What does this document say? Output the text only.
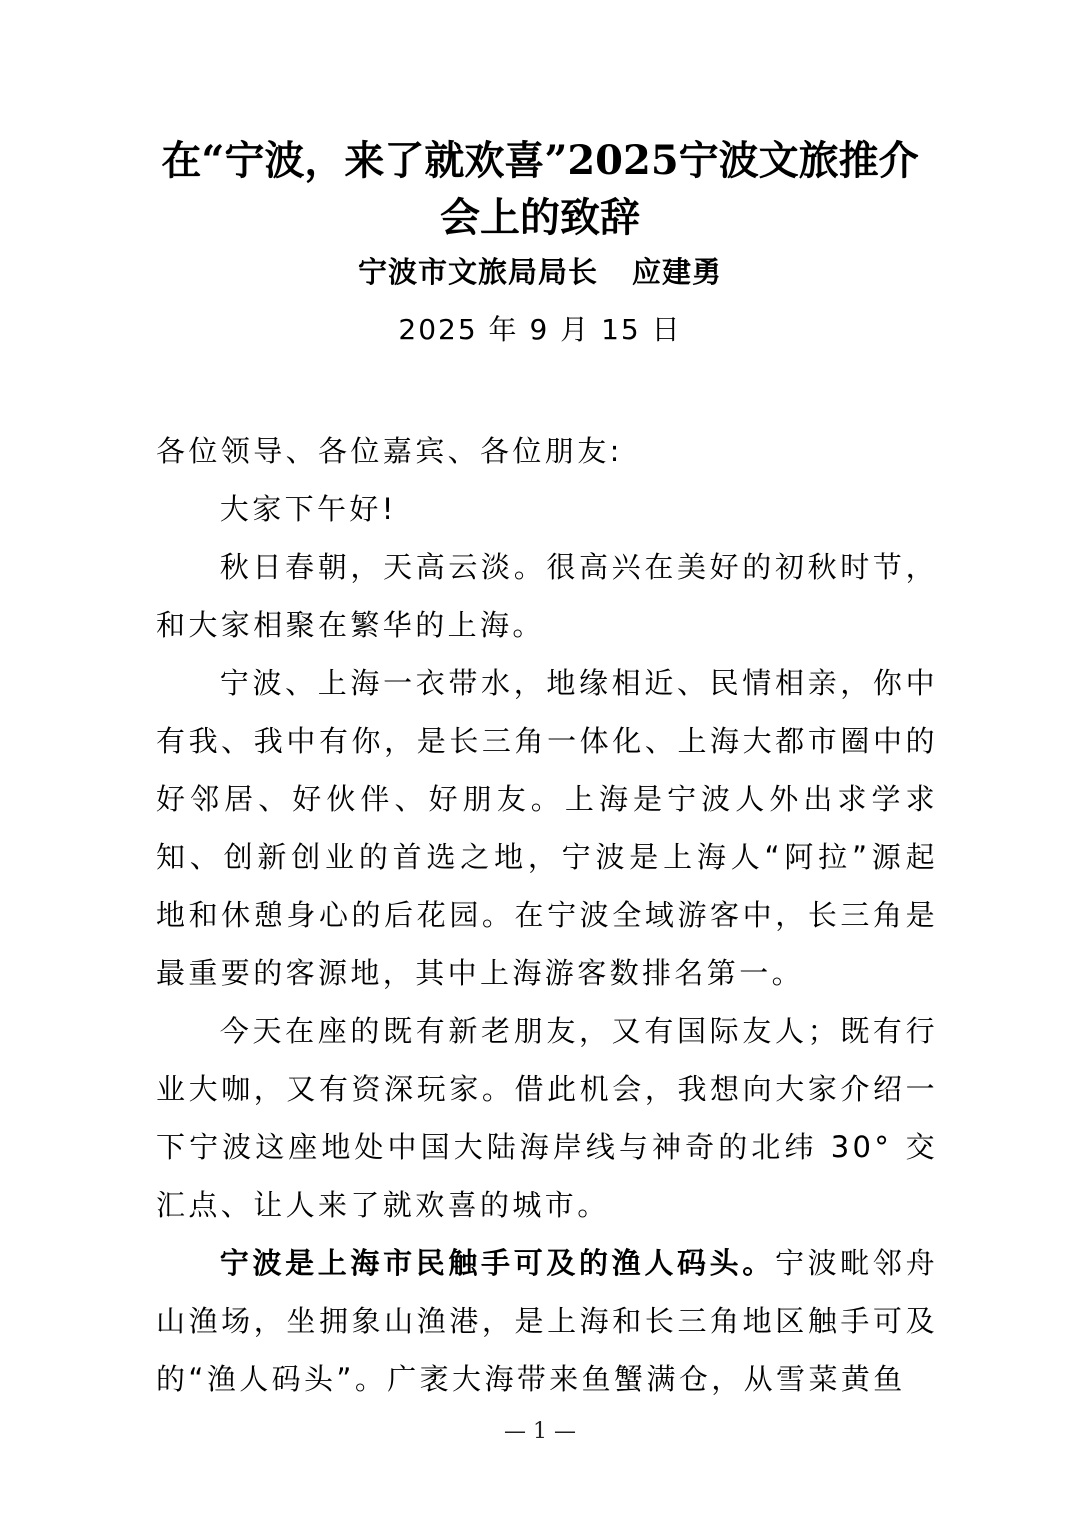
在“宁波，来了就欢喜”2025宁波文旅推介会上的致辞
宁波市文旅局局长 应建勇
2025 年 9 月 15 日

各位领导、各位嘉宾、各位朋友:

大家下午好!

秋日春朝，天高云淡。很高兴在美好的初秋时节，和大家相聚在繁华的上海。

宁波、上海一衣带水，地缘相近、民情相亲，你中有我、我中有你，是长三角一体化、上海大都市圈中的好邻居、好伙伴、好朋友。上海是宁波人外出求学求知、创新创业的首选之地，宁波是上海人“阿拉”源起地和休憩身心的后花园。在宁波全域游客中，长三角是最重要的客源地，其中上海游客数排名第一。

今天在座的既有新老朋友，又有国际友人；既有行业大咖，又有资深玩家。借此机会，我想向大家介绍一下宁波这座地处中国大陆海岸线与神奇的北纬 30° 交汇点、让人来了就欢喜的城市。

宁波是上海市民触手可及的渔人码头。宁波毗邻舟山渔场，坐拥象山渔港，是上海和长三角地区触手可及的“渔人码头”。广袤大海带来鱼蟹满仓，从雪菜黄鱼

— 1 —
